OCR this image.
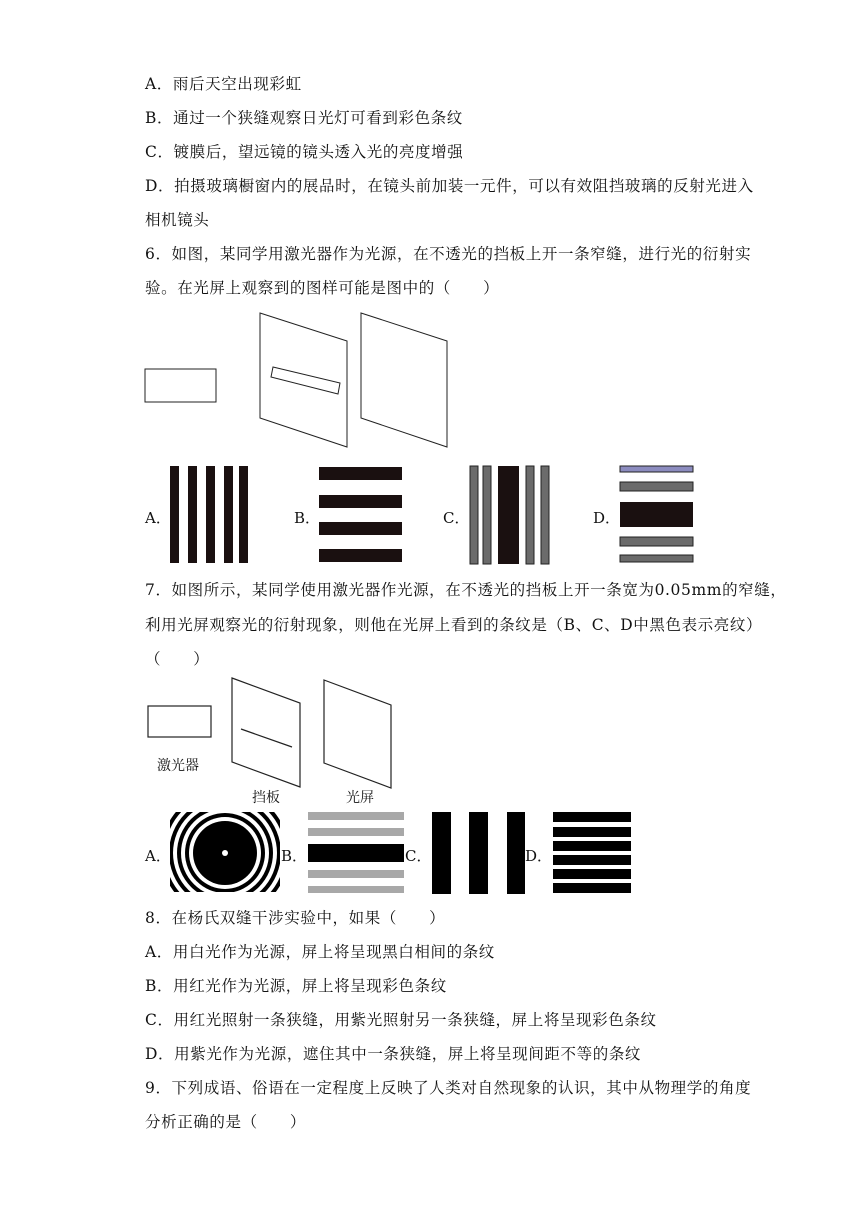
A．雨后天空出现彩虹
B．通过一个狭缝观察日光灯可看到彩色条纹
C．镀膜后，望远镜的镜头透入光的亮度增强
D．拍摄玻璃橱窗内的展品时，在镜头前加装一元件，可以有效阻挡玻璃的反射光进入
相机镜头
6．如图，某同学用激光器作为光源，在不透光的挡板上开一条窄缝，进行光的衍射实
验。在光屏上观察到的图样可能是图中的（　　）
A．	B．	C．	D．
7．如图所示，某同学使用激光器作光源，在不透光的挡板上开一条宽为0.05mm的窄缝，
利用光屏观察光的衍射现象，则他在光屏上看到的条纹是（B、C、D中黑色表示亮纹）
（　　）
激光器
挡板	光屏
A．	B．	C．	D．
8．在杨氏双缝干涉实验中，如果（　　）
A．用白光作为光源，屏上将呈现黑白相间的条纹
B．用红光作为光源，屏上将呈现彩色条纹
C．用红光照射一条狭缝，用紫光照射另一条狭缝，屏上将呈现彩色条纹
D．用紫光作为光源，遮住其中一条狭缝，屏上将呈现间距不等的条纹
9．下列成语、俗语在一定程度上反映了人类对自然现象的认识，其中从物理学的角度
分析正确的是（　　）
